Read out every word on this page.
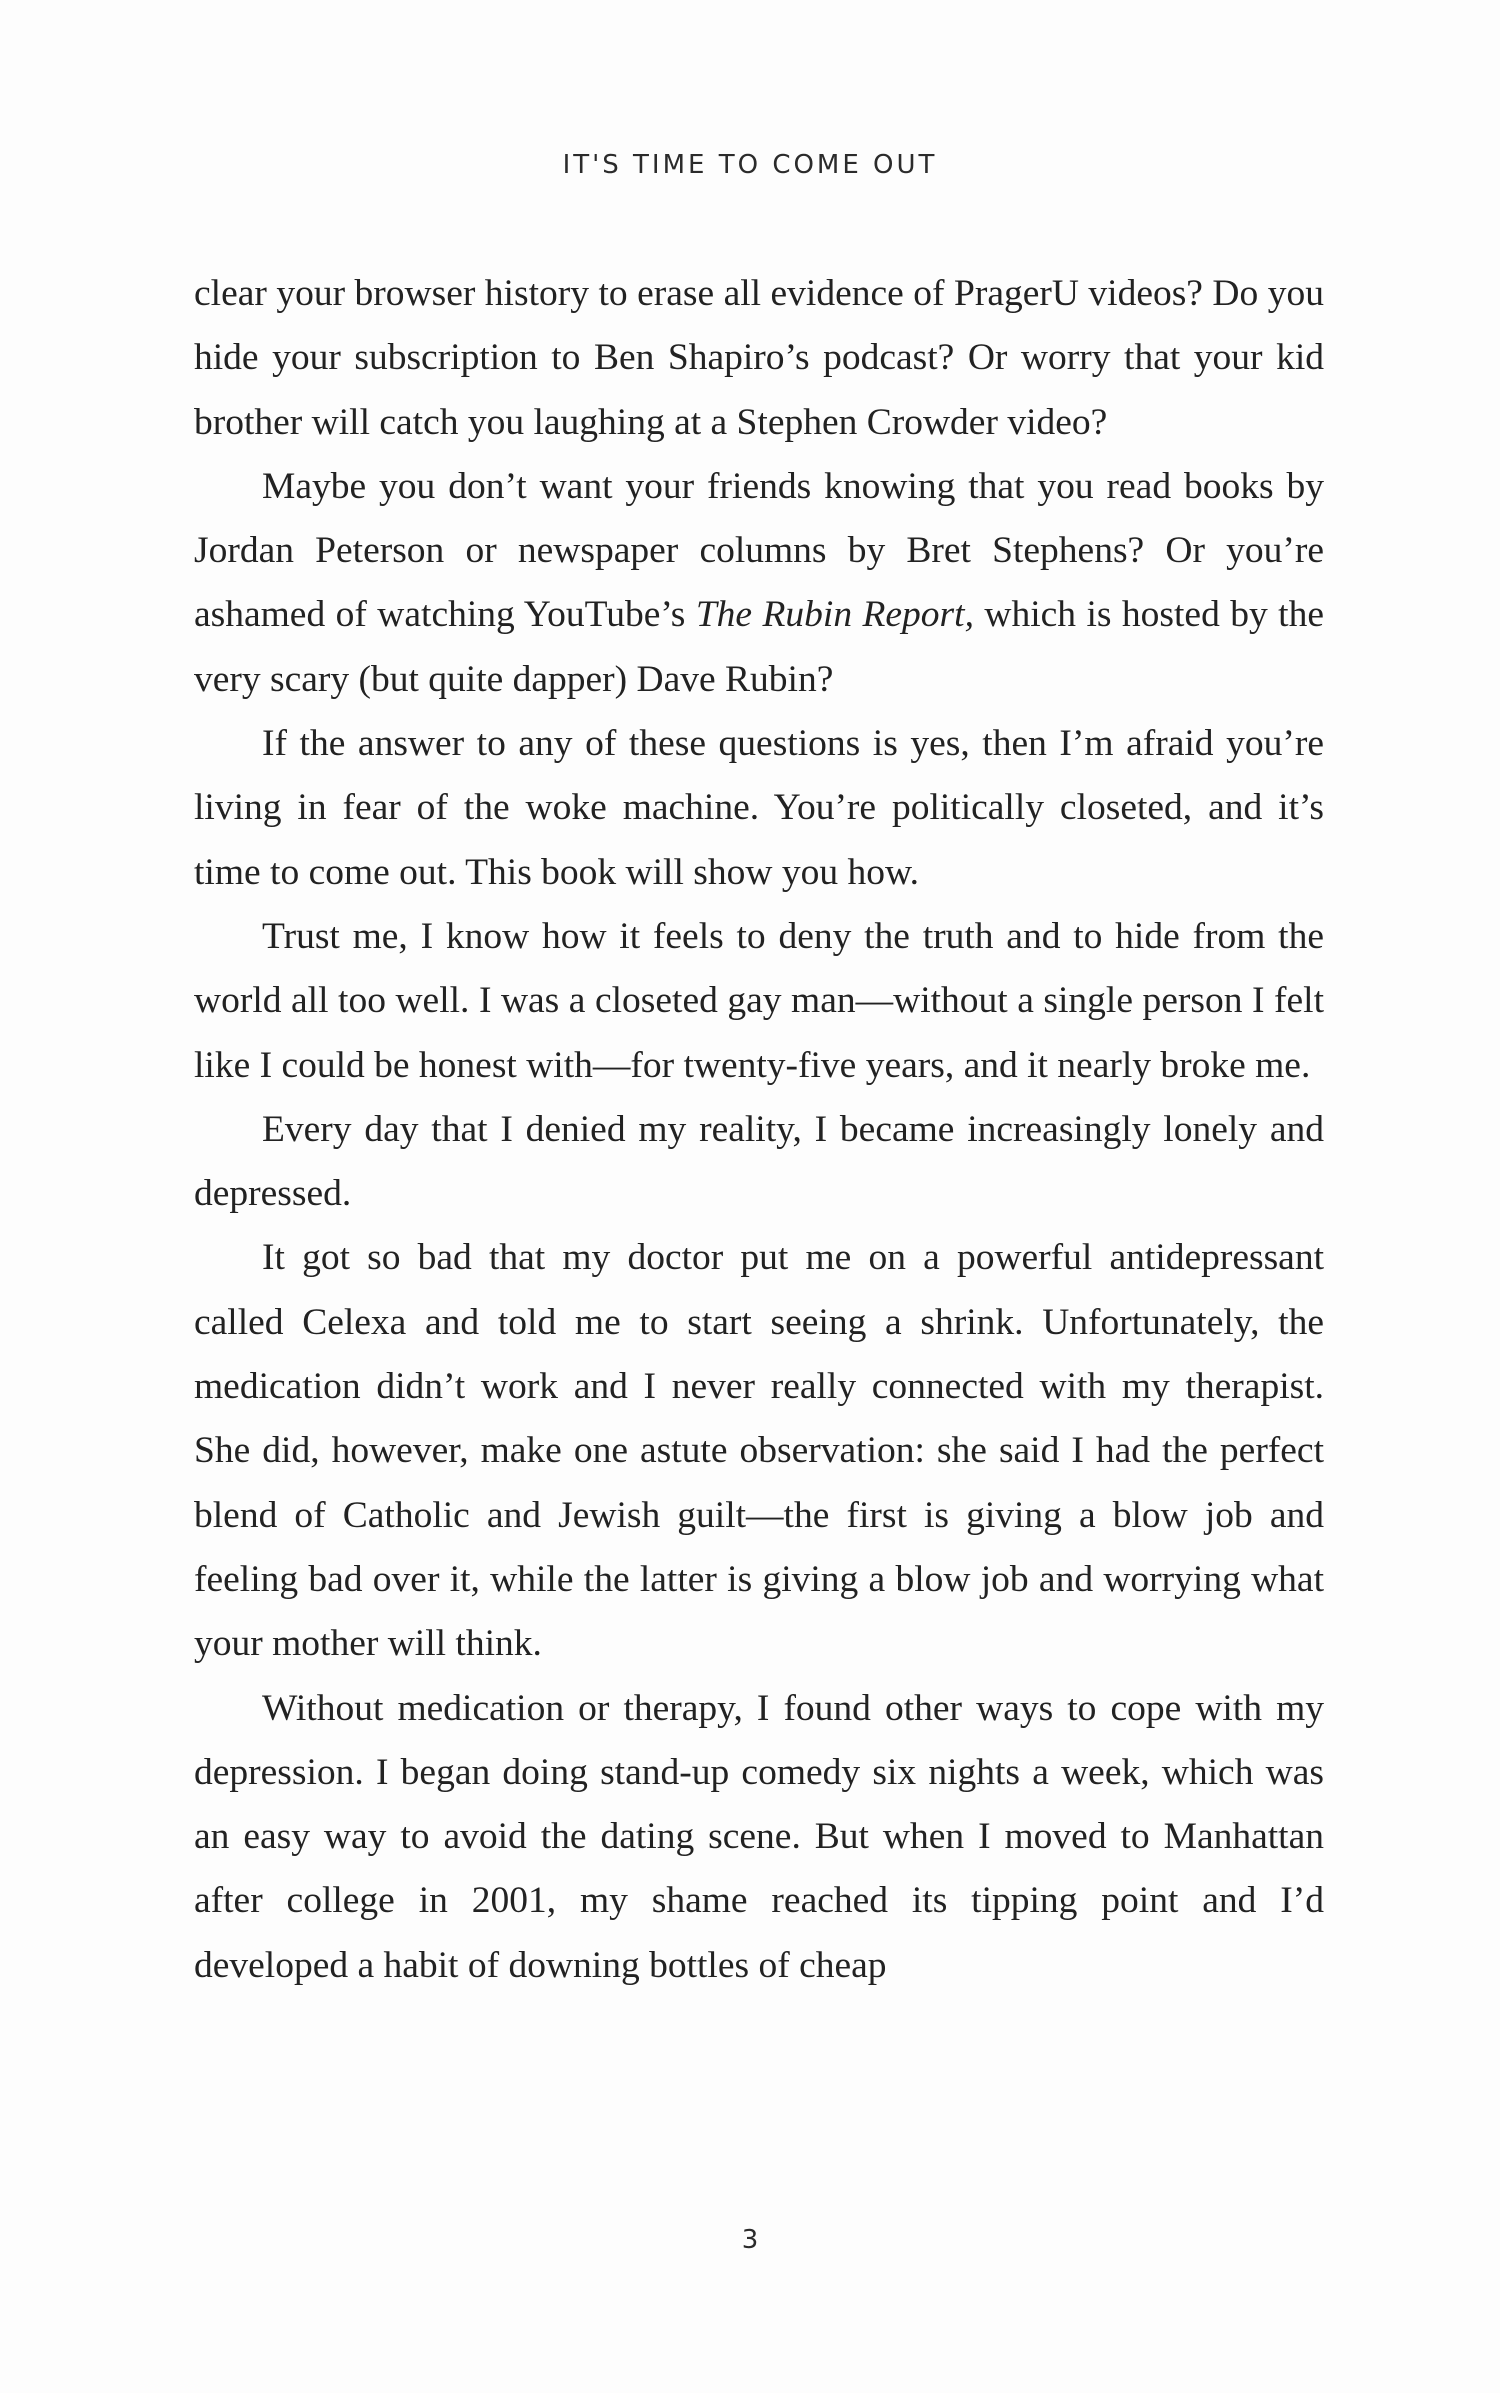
IT'S TIME TO COME OUT

clear your browser history to erase all evidence of PragerU videos? Do you hide your subscription to Ben Shapiro’s podcast? Or worry that your kid brother will catch you laughing at a Stephen Crowder video?

Maybe you don’t want your friends knowing that you read books by Jordan Peterson or newspaper columns by Bret Stephens? Or you’re ashamed of watching YouTube’s The Rubin Report, which is hosted by the very scary (but quite dapper) Dave Rubin?

If the answer to any of these questions is yes, then I’m afraid you’re living in fear of the woke machine. You’re politically closeted, and it’s time to come out. This book will show you how.

Trust me, I know how it feels to deny the truth and to hide from the world all too well. I was a closeted gay man—without a single person I felt like I could be honest with—for twenty-five years, and it nearly broke me.

Every day that I denied my reality, I became increasingly lonely and depressed.

It got so bad that my doctor put me on a powerful antidepressant called Celexa and told me to start seeing a shrink. Unfortunately, the medication didn’t work and I never really connected with my therapist. She did, however, make one astute observation: she said I had the perfect blend of Catholic and Jewish guilt—the first is giving a blow job and feeling bad over it, while the latter is giving a blow job and worrying what your mother will think.

Without medication or therapy, I found other ways to cope with my depression. I began doing stand-up comedy six nights a week, which was an easy way to avoid the dating scene. But when I moved to Manhattan after college in 2001, my shame reached its tipping point and I’d developed a habit of downing bottles of cheap

3
